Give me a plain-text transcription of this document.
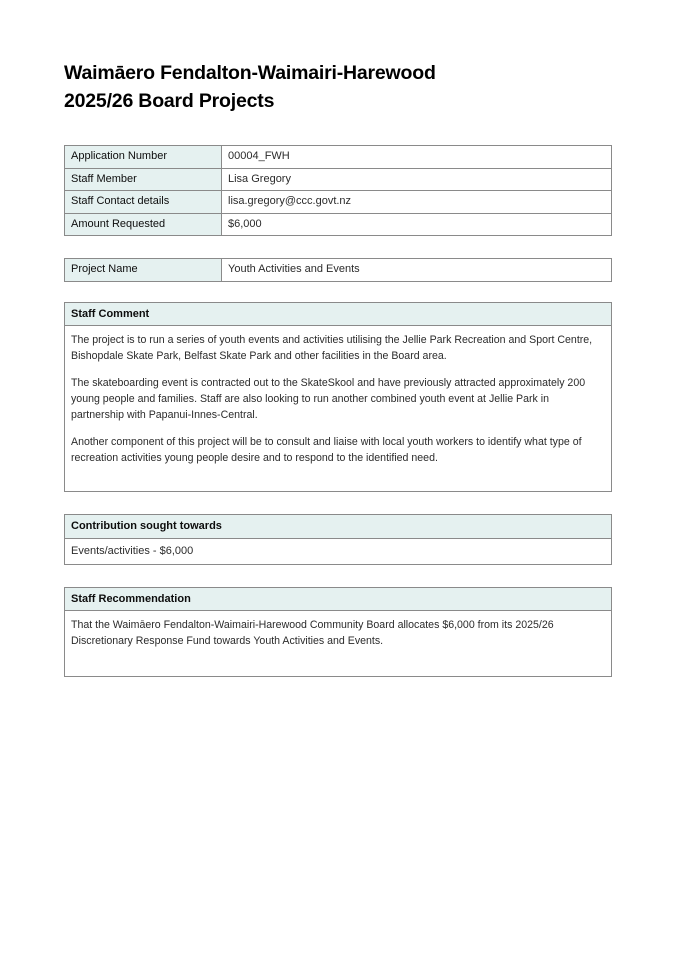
Waimāero Fendalton-Waimairi-Harewood
2025/26 Board Projects
Application Number	00004_FWH
Staff Member	Lisa Gregory
Staff Contact details	lisa.gregory@ccc.govt.nz
Amount Requested	$6,000
Project Name	Youth Activities and Events
Staff Comment

The project is to run a series of youth events and activities utilising the Jellie Park Recreation and Sport Centre, Bishopdale Skate Park, Belfast Skate Park and other facilities in the Board area.

The skateboarding event is contracted out to the SkateSkool and have previously attracted approximately 200 young people and families. Staff are also looking to run another combined youth event at Jellie Park in partnership with Papanui-Innes-Central.

Another component of this project will be to consult and liaise with local youth workers to identify what type of recreation activities young people desire and to respond to the identified need.

Contribution sought towards

Events/activities - $6,000

Staff Recommendation

That the Waimāero Fendalton-Waimairi-Harewood Community Board allocates $6,000 from its 2025/26 Discretionary Response Fund towards Youth Activities and Events.
